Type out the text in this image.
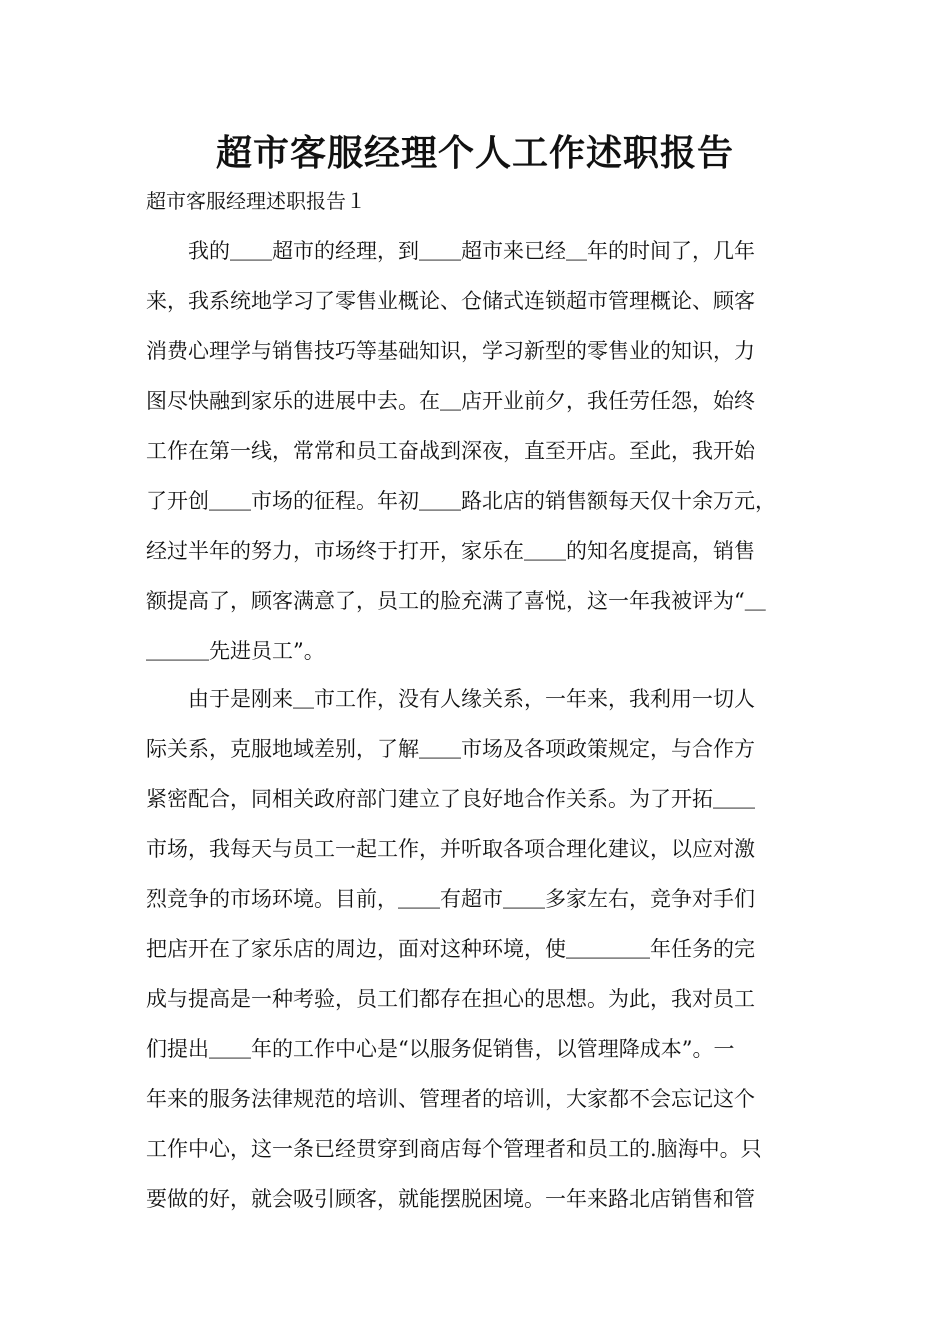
超市客服经理个人工作述职报告
超市客服经理述职报告１
　　我的＿＿超市的经理，到＿＿超市来已经＿年的时间了，几年
来，我系统地学习了零售业概论、仓储式连锁超市管理概论、顾客
消费心理学与销售技巧等基础知识，学习新型的零售业的知识，力
图尽快融到家乐的进展中去。在＿店开业前夕，我任劳任怨，始终
工作在第一线，常常和员工奋战到深夜，直至开店。至此，我开始
了开创＿＿市场的征程。年初＿＿路北店的销售额每天仅十余万元，
经过半年的努力，市场终于打开，家乐在＿＿的知名度提高，销售
额提高了，顾客满意了，员工的脸充满了喜悦，这一年我被评为“＿
＿＿＿先进员工”。
　　由于是刚来＿市工作，没有人缘关系，一年来，我利用一切人
际关系，克服地域差别，了解＿＿市场及各项政策规定，与合作方
紧密配合，同相关政府部门建立了良好地合作关系。为了开拓＿＿
市场，我每天与员工一起工作，并听取各项合理化建议，以应对激
烈竞争的市场环境。目前，＿＿有超市＿＿多家左右，竞争对手们
把店开在了家乐店的周边，面对这种环境，使＿＿＿＿年任务的完
成与提高是一种考验，员工们都存在担心的思想。为此，我对员工
们提出＿＿年的工作中心是“以服务促销售，以管理降成本”。一
年来的服务法律规范的培训、管理者的培训，大家都不会忘记这个
工作中心，这一条已经贯穿到商店每个管理者和员工的.脑海中。只
要做的好，就会吸引顾客，就能摆脱困境。一年来路北店销售和管
